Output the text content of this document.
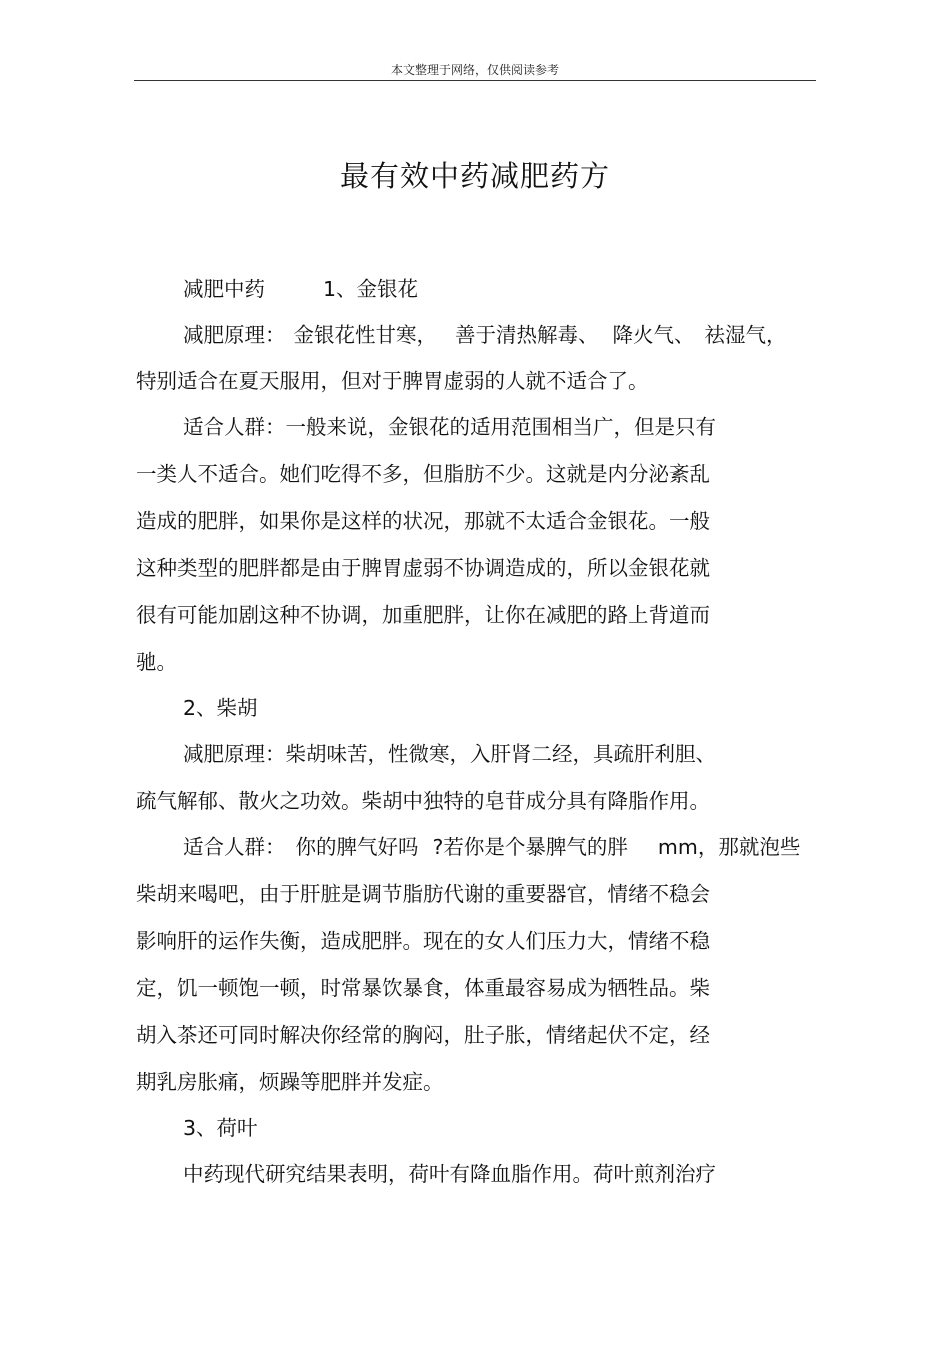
本文整理于网络，仅供阅读参考
最有效中药减肥药方
减肥中药	1、金银花
减肥原理： 金银花性甘寒， 善于清热解毒、 降火气、 祛湿气，
特别适合在夏天服用，但对于脾胃虚弱的人就不适合了。
适合人群：一般来说，金银花的适用范围相当广，但是只有
一类人不适合。她们吃得不多，但脂肪不少。这就是内分泌紊乱
造成的肥胖，如果你是这样的状况，那就不太适合金银花。一般
这种类型的肥胖都是由于脾胃虚弱不协调造成的，所以金银花就
很有可能加剧这种不协调，加重肥胖，让你在减肥的路上背道而
驰。
2、柴胡
减肥原理：柴胡味苦，性微寒，入肝肾二经，具疏肝利胆、
疏气解郁、散火之功效。柴胡中独特的皂苷成分具有降脂作用。
适合人群： 你的脾气好吗 ?若你是个暴脾气的胖 mm，那就泡些
柴胡来喝吧，由于肝脏是调节脂肪代谢的重要器官，情绪不稳会
影响肝的运作失衡，造成肥胖。现在的女人们压力大，情绪不稳
定，饥一顿饱一顿，时常暴饮暴食，体重最容易成为牺牲品。柴
胡入茶还可同时解决你经常的胸闷，肚子胀，情绪起伏不定，经
期乳房胀痛，烦躁等肥胖并发症。
3、荷叶
中药现代研究结果表明，荷叶有降血脂作用。荷叶煎剂治疗
